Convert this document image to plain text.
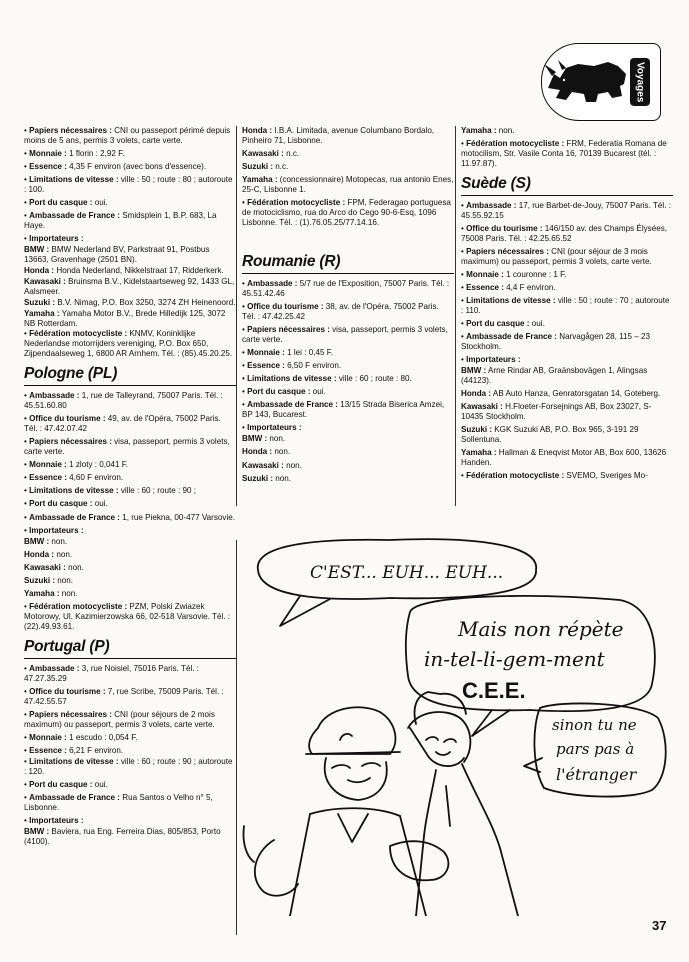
Voyages
• Papiers nécessaires : CNI ou passeport périmé depuis moins de 5 ans, permis 3 volets, carte verte.
• Monnaie : 1 florin : 2,92 F.
• Essence : 4,35 F environ (avec bons d'essence).
• Limitations de vitesse : ville : 50 ; route : 80 ; autoroute : 100.
• Port du casque : oui.
• Ambassade de France : Smidsplein 1, B.P. 683, La Haye.
• Importateurs :
BMW : BMW Nederland BV, Parkstraat 91, Postbus 13663, Gravenhage (2501 BN).
Honda : Honda Nederland, Nikkelstraat 17, Ridderkerk.
Kawasaki : Bruinsma B.V., Kidelstaartseweg 92, 1433 GL, Aalsmeer.
Suzuki : B.V. Nimag, P.O. Box 3250, 3274 ZH Heinenoord.
Yamaha : Yamaha Motor B.V., Brede Hilledijk 125, 3072 NB Rotterdam.
• Fédération motocycliste : KNMV, Koninklijke Nederlandse motorrijders vereniging, P.O. Box 650, Zijpendaalseweg 1, 6800 AR Arnhem. Tél. : (85).45.20.25.
Pologne (PL)
• Ambassade : 1, rue de Talleyrand, 75007 Paris. Tél. : 45.51.60.80
• Office du tourisme : 49, av. de l'Opéra, 75002 Paris. Tél. : 47.42.07.42
• Papiers nécessaires : visa, passeport, permis 3 volets, carte verte.
• Monnaie : 1 zloty : 0,041 F.
• Essence : 4,60 F environ.
• Limitations de vitesse : ville : 60 ; route : 90 ;
• Port du casque : oui.
• Ambassade de France : 1, rue Piekna, 00-477 Varsovie.
• Importateurs :
BMW : non.
Honda : non.
Kawasaki : non.
Suzuki : non.
Yamaha : non.
• Fédération motocycliste : PZM, Polski Zwiazek Motorowy, Ul. Kazimierzowska 66, 02-518 Varsovie. Tél. : (22).49.93.61.
Portugal (P)
• Ambassade : 3, rue Noisiel, 75016 Paris. Tél. : 47.27.35.29
• Office du tourisme : 7, rue Scribe, 75009 Paris. Tél. : 47.42.55.57
• Papiers nécessaires : CNI (pour séjours de 2 mois maximum) ou passeport, permis 3 volets, carte verte.
• Monnaie : 1 escudo : 0,054 F.
• Essence : 6,21 F environ.
• Limitations de vitesse : ville : 60 ; route : 90 ; autoroute : 120.
• Port du casque : oui.
• Ambassade de France : Rua Santos o Velho n° 5, Lisbonne.
• Importateurs :
BMW : Baviera, rua Eng. Ferreira Dias, 805/853, Porto (4100).
Honda : I.B.A. Limitada, avenue Columbano Bordalo, Pinheiro 71, Lisbonne.
Kawasaki : n.c.
Suzuki : n.c.
Yamaha : (concessionnaire) Motopecas, rua antonio Enes, 25-C, Lisbonne 1.
• Fédération motocycliste : FPM, Federagao portuguesa de motociclismo, rua do Arco do Cego 90-6-Esq, 1096 Lisbonne. Tél. : (1).76.05.25/77.14.16.
Roumanie (R)
• Ambassade : 5/7 rue de l'Exposition, 75007 Paris. Tél. : 45.51.42.46
• Office du tourisme : 38, av. de l'Opéra, 75002 Paris. Tél. : 47.42.25.42
• Papiers nécessaires : visa, passeport, permis 3 volets, carte verte.
• Monnaie : 1 lei : 0,45 F.
• Essence : 6,50 F environ.
• Limitations de vitesse : ville : 60 ; route : 80.
• Port du casque : oui.
• Ambassade de France : 13/15 Strada Biserica Amzei, BP 143, Bucarest.
• Importateurs :
BMW : non.
Honda : non.
Kawasaki : non.
Suzuki : non.
Yamaha : non.
• Fédération motocycliste : FRM, Federatia Romana de motocilism, Str. Vasile Conta 16, 70139 Bucarest (tél. : 11.97.87).
Suède (S)
• Ambassade : 17, rue Barbet-de-Jouy, 75007 Paris. Tél. : 45.55.92.15
• Office du tourisme : 146/150 av. des Champs Élysées, 75008 Paris. Tél. : 42.25.65.52
• Papiers nécessaires : CNI (pour séjour de 3 mois maximum) ou passeport, permis 3 volets, carte verte.
• Monnaie : 1 couronne : 1 F.
• Essence : 4,4 F environ.
• Limitations de vitesse : ville : 50 ; route : 70 ; autoroute : 110.
• Port du casque : oui.
• Ambassade de France : Narvagågen 28, 115 – 23 Stockholm.
• Importateurs :
BMW : Arne Rindar AB, Graänsbovägen 1, Alingsas (44123).
Honda : AB Auto Hanza, Genratorsgatan 14, Goteberg.
Kawasaki : H.Floeter-Forsejnings AB, Box 23027, S-10435 Stockholm.
Suzuki : KGK Suzuki AB, P.O. Box 965, 3-191 29 Sollentuna.
Yamaha : Hallman & Eneqvist Motor AB, Box 600, 13626 Handen.
• Fédération motocycliste : SVEMO, Sveriges Mo-
C'EST... EUH... EUH...
Mais non répète
in-tel-li-gem-ment
C.E.E.
sinon tu ne
pars pas à
l'étranger
37
